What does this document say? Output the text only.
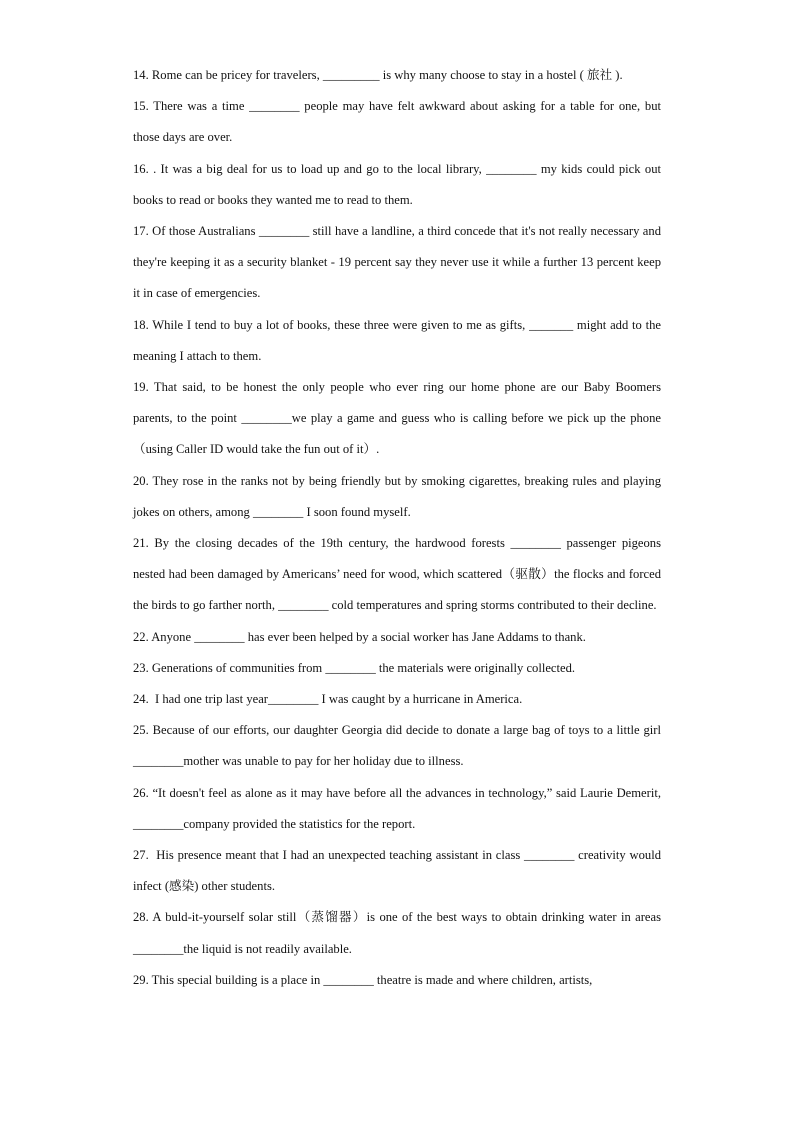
14. Rome can be pricey for travelers, _________ is why many choose to stay in a hostel ( 旅社 ).

15. There was a time ________ people may have felt awkward about asking for a table for one, but those days are over.

16. . It was a big deal for us to load up and go to the local library, ________ my kids could pick out books to read or books they wanted me to read to them.

17. Of those Australians ________ still have a landline, a third concede that it's not really necessary and they're keeping it as a security blanket - 19 percent say they never use it while a further 13 percent keep it in case of emergencies.

18. While I tend to buy a lot of books, these three were given to me as gifts, _______ might add to the meaning I attach to them.

19. That said, to be honest the only people who ever ring our home phone are our Baby Boomers parents, to the point ________we play a game and guess who is calling before we pick up the phone （using Caller ID would take the fun out of it）.

20. They rose in the ranks not by being friendly but by smoking cigarettes, breaking rules and playing jokes on others, among ________ I soon found myself.

21. By the closing decades of the 19th century, the hardwood forests ________ passenger pigeons nested had been damaged by Americans’ need for wood, which scattered（驱散）the flocks and forced the birds to go farther north, ________ cold temperatures and spring storms contributed to their decline.

22. Anyone ________ has ever been helped by a social worker has Jane Addams to thank.

23. Generations of communities from ________ the materials were originally collected.

24.  I had one trip last year________ I was caught by a hurricane in America.

25. Because of our efforts, our daughter Georgia did decide to donate a large bag of toys to a little girl ________mother was unable to pay for her holiday due to illness.

26. “It doesn't feel as alone as it may have before all the advances in technology,” said Laurie Demerit, ________company provided the statistics for the report.

27.  His presence meant that I had an unexpected teaching assistant in class ________ creativity would infect (感染) other students.

28. A buld-it-yourself solar still（蒸馏器）is one of the best ways to obtain drinking water in areas ________the liquid is not readily available.

29. This special building is a place in ________ theatre is made and where children, artists,
